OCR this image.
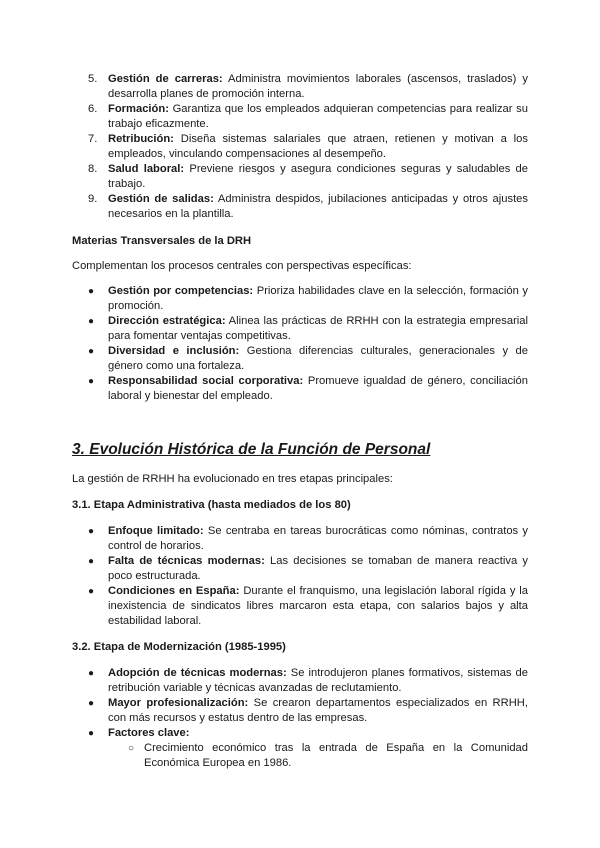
5. Gestión de carreras: Administra movimientos laborales (ascensos, traslados) y desarrolla planes de promoción interna.
6. Formación: Garantiza que los empleados adquieran competencias para realizar su trabajo eficazmente.
7. Retribución: Diseña sistemas salariales que atraen, retienen y motivan a los empleados, vinculando compensaciones al desempeño.
8. Salud laboral: Previene riesgos y asegura condiciones seguras y saludables de trabajo.
9. Gestión de salidas: Administra despidos, jubilaciones anticipadas y otros ajustes necesarios en la plantilla.
Materias Transversales de la DRH

Complementan los procesos centrales con perspectivas específicas:

● Gestión por competencias: Prioriza habilidades clave en la selección, formación y promoción.
● Dirección estratégica: Alinea las prácticas de RRHH con la estrategia empresarial para fomentar ventajas competitivas.
● Diversidad e inclusión: Gestiona diferencias culturales, generacionales y de género como una fortaleza.
● Responsabilidad social corporativa: Promueve igualdad de género, conciliación laboral y bienestar del empleado.
3. Evolución Histórica de la Función de Personal

La gestión de RRHH ha evolucionado en tres etapas principales:

3.1. Etapa Administrativa (hasta mediados de los 80)
● Enfoque limitado: Se centraba en tareas burocráticas como nóminas, contratos y control de horarios.
● Falta de técnicas modernas: Las decisiones se tomaban de manera reactiva y poco estructurada.
● Condiciones en España: Durante el franquismo, una legislación laboral rígida y la inexistencia de sindicatos libres marcaron esta etapa, con salarios bajos y alta estabilidad laboral.
3.2. Etapa de Modernización (1985-1995)
● Adopción de técnicas modernas: Se introdujeron planes formativos, sistemas de retribución variable y técnicas avanzadas de reclutamiento.
● Mayor profesionalización: Se crearon departamentos especializados en RRHH, con más recursos y estatus dentro de las empresas.
● Factores clave:
○ Crecimiento económico tras la entrada de España en la Comunidad Económica Europea en 1986.
